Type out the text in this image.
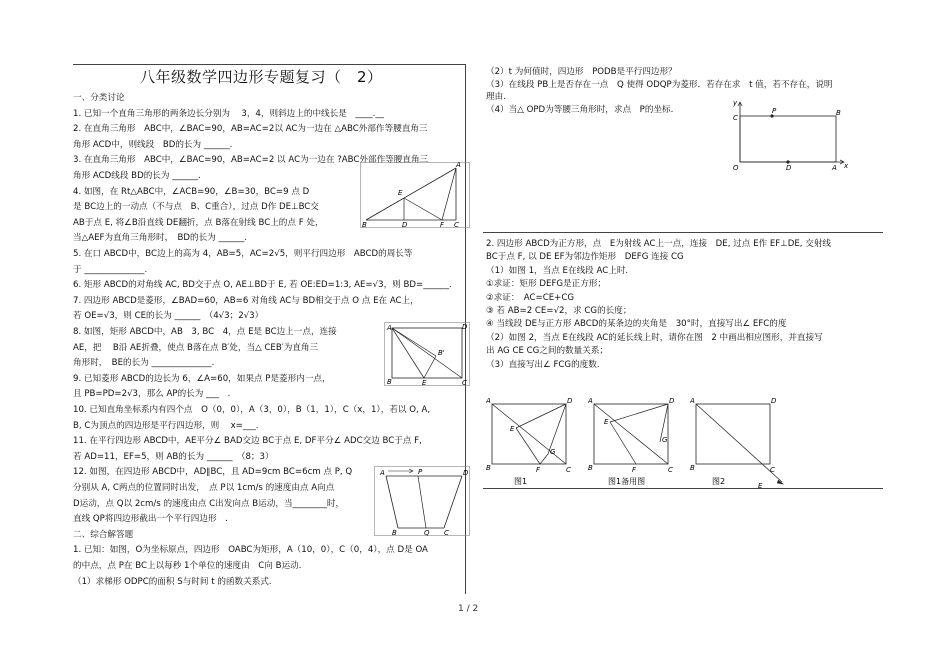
八年级数学四边形专题复习（　2）
一、分类讨论
1. 已知一个直角三角形的两条边长分别为　 3，4，则斜边上的中线长是　____.__
2. 在直角三角形　ABC中，∠BAC=90，AB=AC=2以 AC为一边在 △ABC外部作等腰直角三
角形 ACD中，则线段　BD的长为 ______.
3. 在直角三角形　ABC中，∠BAC=90，AB=AC=2 以 AC为一边在 ?ABC外部作等腰直角三
角形 ACD线段 BD的长为 ______.
4. 如图，在 Rt△ABC中，∠ACB=90，∠B=30，BC=9 点 D
是 BC边上的一动点（不与点　B、C重合），过点 D作 DE⊥BC交
AB于点 E, 将∠B沿直线 DE翻折，点 B落在射线 BC上的点 F 处，
当△AEF为直角三角形时，　BD的长为 ______.
5. 在口 ABCD中，BC边上的高为 4，AB=5，AC=2√5，则平行四边形　ABCD的周长等
于 ______________.
6. 矩形 ABCD的对角线 AC, BD交于点 O, AE⊥BD于 E, 若 OE:ED=1:3, AE=√3，则 BD=______.
7. 四边形 ABCD是菱形，∠BAD=60，AB=6 对角线 AC与 BD相交于点 O 点 E在 AC上，
若 OE=√3，则 CE的长为 ______　（4√3；2√3）
8. 如图，矩形 ABCD中，AB　3, BC　4，点 E是 BC边上一点，连接
AE，把　 B沿 AE折叠，使点 B落在点 B′处，当△ CEB′为直角三
角形时，　BE的长为 ______________.
9. 已知菱形 ABCD的边长为 6，∠A=60，如果点 P是菱形内一点，
且 PB=PD=2√3，那么 AP的长为 ___　.
10. 已知直角坐标系内有四个点　O（0，0），A（3，0），B（1，1），C（x，1），若以 O, A,
B, C为顶点的四边形是平行四边形，则　 x=___.
11. 在平行四边形 ABCD中，AE平分∠ BAD交边 BC于点 E, DF平分∠ ADC交边 BC于点 F,
若 AD=11，EF=5，则 AB的长为 ______　（8；3）
12. 如图，在四边形 ABCD中，AD∥BC，且 AD=9cm BC=6cm 点 P, Q
分别从 A, C两点的位置同时出发，　点 P以 1cm/s 的速度由点 A向点
D运动，点 Q以 2cm/s 的速度由点 C出发向点 B运动，当________时，
直线 QP将四边形截出一个平行四边形　.
二、综合解答题
1. 已知：如图，O为坐标原点，四边形　OABC为矩形，A（10，0），C（0，4），点 D是 OA
的中点，点 P在 BC上以每秒 1个单位的速度由　C向 B运动.
（1）求梯形 ODPC的面积 S与时间 t 的函数关系式.
（2）t 为何值时，四边形　PODB是平行四边形？
（3）在线段 PB上是否存在一点　Q 使得 ODQP为菱形．若存在求　t 值，若不存在，说明
理由.
（4）当△ OPD为等腰三角形时，求点　P的坐标.
2. 四边形 ABCD为正方形，点　E为射线 AC上一点，连接　DE, 过点 E作 EF⊥DE, 交射线
BC于点 F, 以 DE EF为邻边作矩形　DEFG 连接 CG
（1）如图 1，当点 E在线段 AC上时.
①求证：矩形 DEFG是正方形；
②求证：　AC=CE+CG
③ 若 AB=2 CE=√2，求 CG的长度；
④ 当线段 DE与正方形 ABCD的某条边的夹角是　30°时，直接写出∠ EFC的度
（2）如图 2，当点 E在线段 AC的延长线上时，请你在图　2 中画出相应图形，并直接写
出 AG CE CG之间的数量关系；
（3）直接写出∠ FCG的度数.
A
E
B	D	F C
A
B
B'
E	C
D
A	P	D
B	Q C
y
C
P	B
O	D	A x
A	D
E
G
B	F	C
图1
A	D
E
G
B	F	C
图1备用图
A	D
B	C
E
图2
1 / 2
